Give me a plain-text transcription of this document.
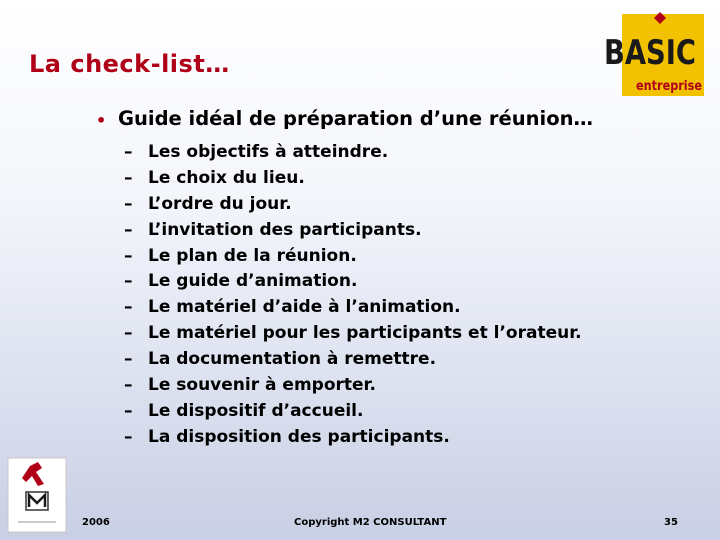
La check-list…	BASIC
entreprise
• Guide idéal de préparation d’une réunion…
– Les objectifs à atteindre.
– Le choix du lieu.
– L’ordre du jour.
– L’invitation des participants.
– Le plan de la réunion.
– Le guide d’animation.
– Le matériel d’aide à l’animation.
– Le matériel pour les participants et l’orateur.
– La documentation à remettre.
– Le souvenir à emporter.
– Le dispositif d’accueil.
– La disposition des participants.
2006	Copyright M2 CONSULTANT	35
